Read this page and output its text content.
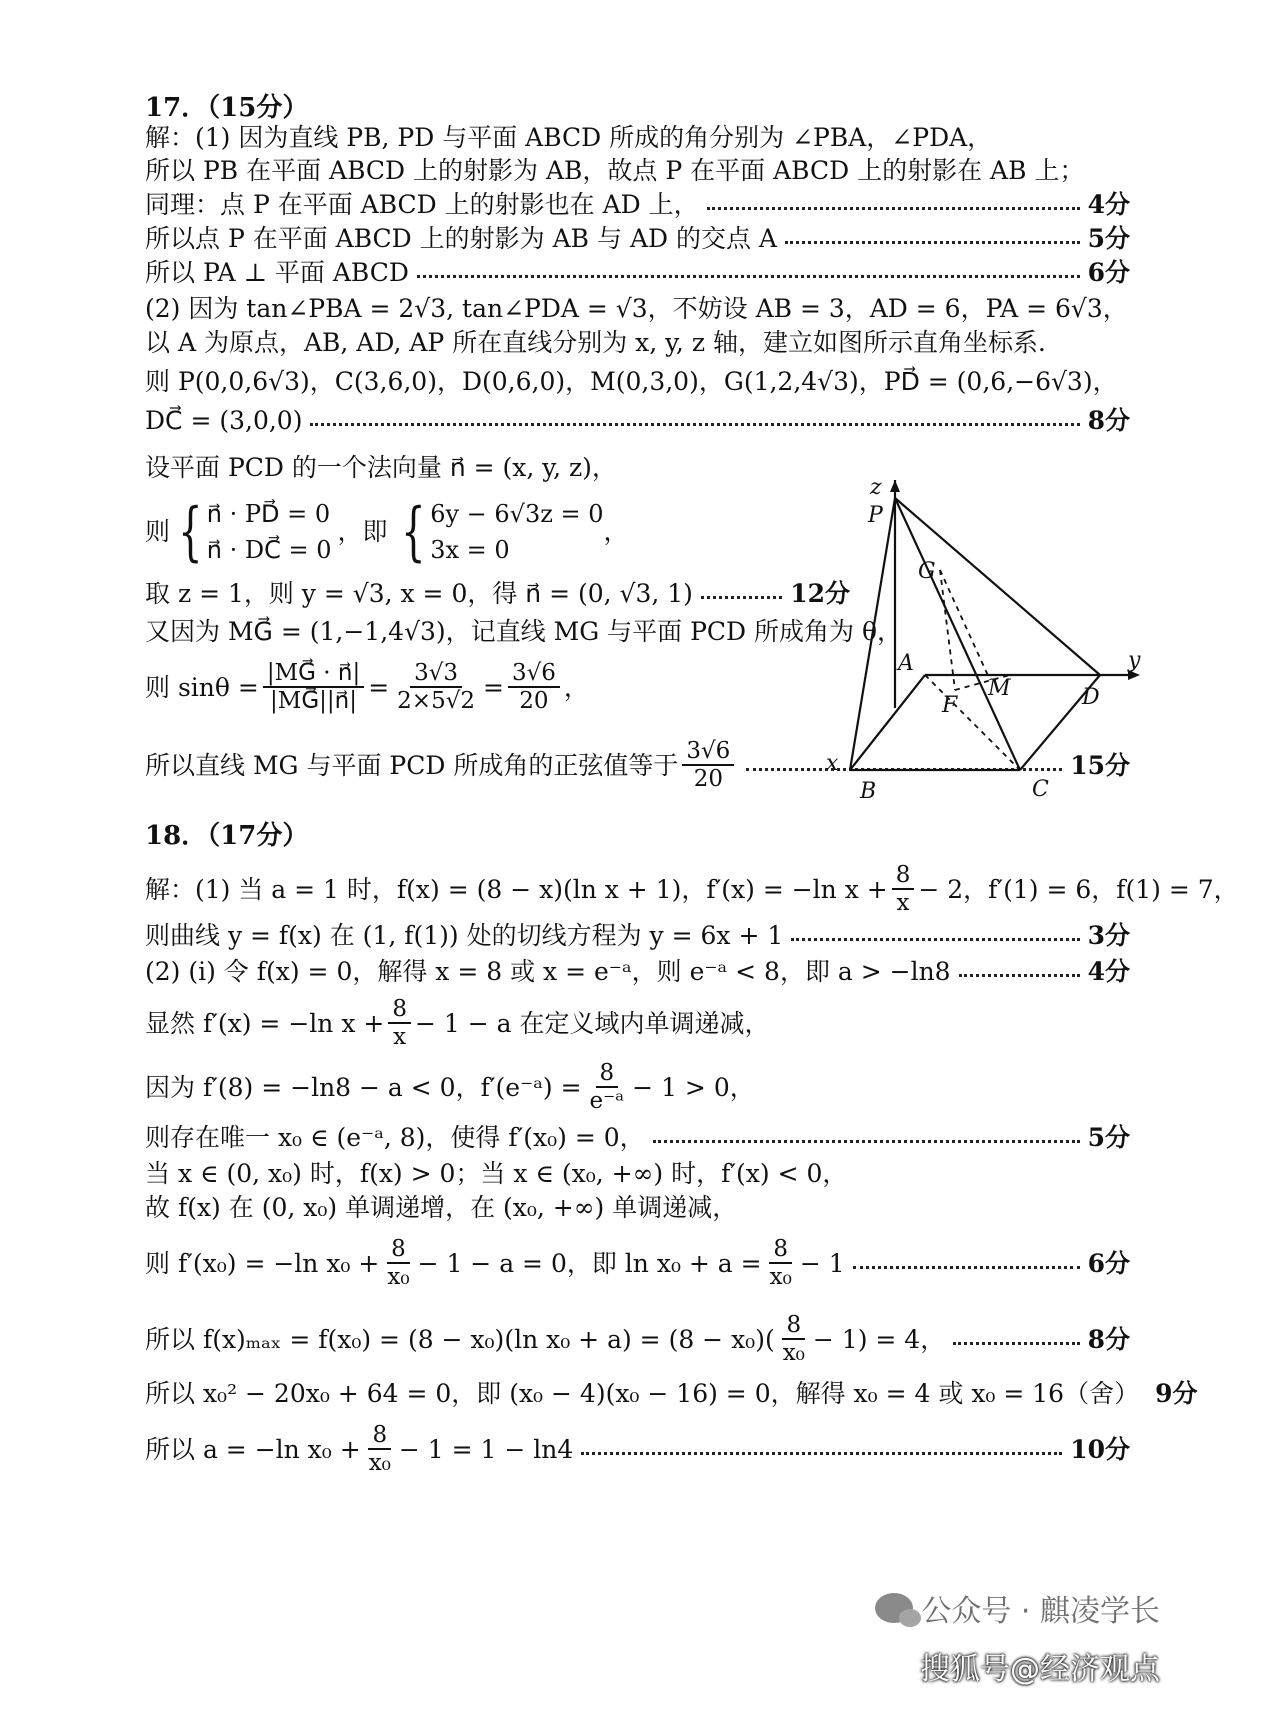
17．（15分）
解：(1) 因为直线 PB, PD 与平面 ABCD 所成的角分别为 ∠PBA，∠PDA，
所以 PB 在平面 ABCD 上的射影为 AB，故点 P 在平面 ABCD 上的射影在 AB 上；
同理：点 P 在平面 ABCD 上的射影也在 AD 上，	4分
所以点 P 在平面 ABCD 上的射影为 AB 与 AD 的交点 A	5分
所以 PA ⊥ 平面 ABCD	6分
(2) 因为 tan∠PBA = 2√3, tan∠PDA = √3，不妨设 AB = 3，AD = 6，PA = 6√3，
以 A 为原点，AB, AD, AP 所在直线分别为 x, y, z 轴，建立如图所示直角坐标系．
则 P(0,0,6√3)，C(3,6,0)，D(0,6,0)，M(0,3,0)，G(1,2,4√3)，PD⃗ = (0,6,−6√3)，
DC⃗ = (3,0,0)	8分
设平面 PCD 的一个法向量 n⃗ = (x, y, z)，
则 { n⃗ · PD⃗ = 0
n⃗ · DC⃗ = 0
，即 { 6y − 6√3z = 0
3x = 0
，
取 z = 1，则 y = √3, x = 0，得 n⃗ = (0, √3, 1)	12分
又因为 MG⃗ = (1,−1,4√3)，记直线 MG 与平面 PCD 所成角为 θ，
则 $\sin\theta = \frac{|MG⃗ \cdot n⃗|}{|MG⃗||n⃗|} = \frac{3√3}{2\times 5√2} = \frac{3√6}{20}$ ，
所以直线 MG 与平面 PCD 所成角的正弦值等于 $\frac{3√6}{20}$	15分
z
P
G
A
M
F	D
y
x
B	C
18．（17分）
解：(1) 当 a = 1 时，f(x) = (8 − x)(ln x + 1)，f′(x) = −ln $x + \frac{8}{x} - 2$，f′(1) = 6，f(1) = 7，
则曲线 y = f(x) 在 (1, f(1)) 处的切线方程为 y = 6x + 1	3分
(2) (i) 令 f(x) = 0，解得 x = 8 或 x = e⁻ᵃ，则 e⁻ᵃ < 8，即 a > −ln8	4分
显然 f′(x) = −ln $x + \frac{8}{x} - 1 - a$ 在定义域内单调递减，
因为 f′(8) = −ln8 − a < 0，f′(e⁻ᵃ) = $\frac{8}{\text{e⁻ᵃ}} - 1 > 0$，
则存在唯一 x₀ ∈ (e⁻ᵃ, 8)，使得 f′(x₀) = 0，	5分
当 x ∈ (0, x₀) 时，f(x) > 0；当 x ∈ (x₀, +∞) 时，f′(x) < 0，
故 f(x) 在 (0, x₀) 单调递增，在 (x₀, +∞) 单调递减，
则 f′(x₀) = −ln $x_0 + \frac{8}{\text{x₀}} - 1 - a = 0$，即 $\ln x_0 + a = \frac{8}{\text{x₀}} - 1$	6分
所以 f(x)ₘₐₓ = f(x₀) = (8 − x₀)(ln $x_0 + a) = (8 - x_0)( \frac{8}{\text{x₀}} - 1) = 4$，	8分
所以 x₀² − 20x₀ + 64 = 0，即 (x₀ − 4)(x₀ − 16) = 0，解得 x₀ = 4 或 x₀ = 16（舍） 9分
所以 a = −ln $x_0 + \frac{8}{\text{x₀}} - 1 = 1 - \ln 4$	10分
公众号 · 麒凌学长
搜狐号@经济观点
